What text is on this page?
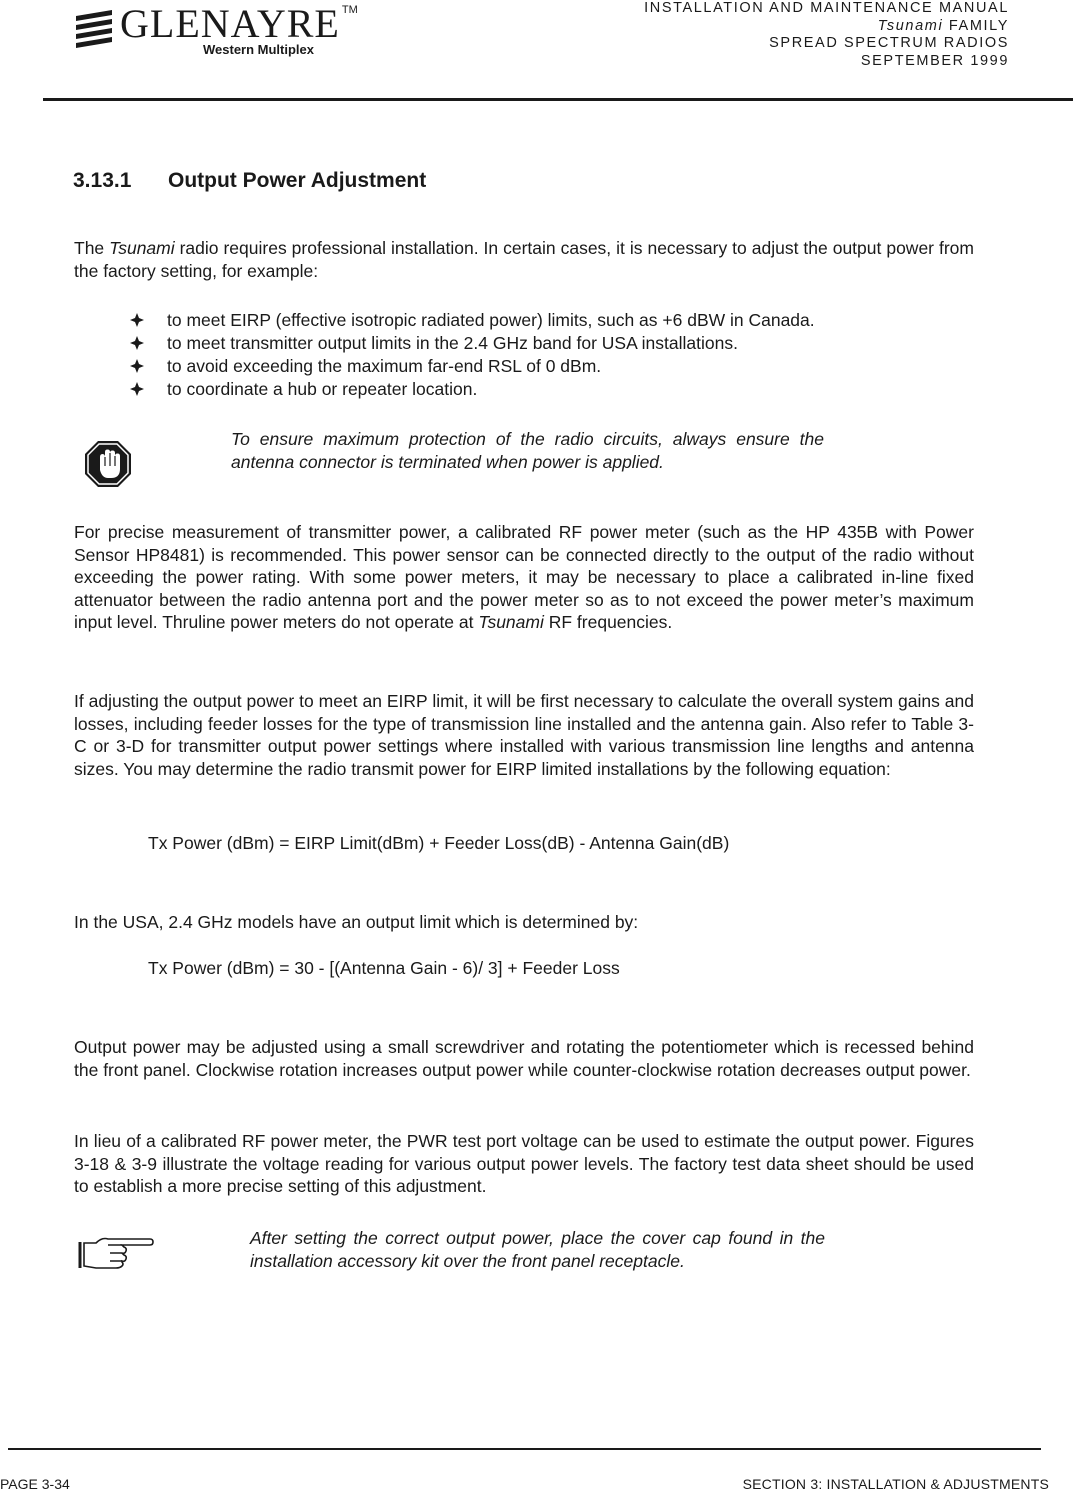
GLENAYRE ™
Western Multiplex
INSTALLATION AND MAINTENANCE MANUAL
Tsunami FAMILY
SPREAD SPECTRUM RADIOS
SEPTEMBER 1999
3.13.1 Output Power Adjustment
The Tsunami radio requires professional installation. In certain cases, it is necessary to adjust the output power from the factory setting, for example:
to meet EIRP (effective isotropic radiated power) limits, such as +6 dBW in Canada.
to meet transmitter output limits in the 2.4 GHz band for USA installations.
to avoid exceeding the maximum far-end RSL of 0 dBm.
to coordinate a hub or repeater location.
To ensure maximum protection of the radio circuits, always ensure the antenna connector is terminated when power is applied.
For precise measurement of transmitter power, a calibrated RF power meter (such as the HP 435B with Power Sensor HP8481) is recommended. This power sensor can be connected directly to the output of the radio without exceeding the power rating. With some power meters, it may be necessary to place a calibrated in-line fixed attenuator between the radio antenna port and the power meter so as to not exceed the power meter’s maximum input level. Thruline power meters do not operate at Tsunami RF frequencies.
If adjusting the output power to meet an EIRP limit, it will be first necessary to calculate the overall system gains and losses, including feeder losses for the type of transmission line installed and the antenna gain. Also refer to Table 3-C or 3-D for transmitter output power settings where installed with various transmission line lengths and antenna sizes. You may determine the radio transmit power for EIRP limited installations by the following equation:
Tx Power (dBm) = EIRP Limit(dBm) + Feeder Loss(dB) - Antenna Gain(dB)
In the USA, 2.4 GHz models have an output limit which is determined by:
Tx Power (dBm) = 30 - [(Antenna Gain - 6)/ 3] + Feeder Loss
Output power may be adjusted using a small screwdriver and rotating the potentiometer which is recessed behind the front panel. Clockwise rotation increases output power while counter-clockwise rotation decreases output power.
In lieu of a calibrated RF power meter, the PWR test port voltage can be used to estimate the output power. Figures 3-18 & 3-9 illustrate the voltage reading for various output power levels. The factory test data sheet should be used to establish a more precise setting of this adjustment.
After setting the correct output power, place the cover cap found in the installation accessory kit over the front panel receptacle.
PAGE 3-34	SECTION 3: INSTALLATION & ADJUSTMENTS
